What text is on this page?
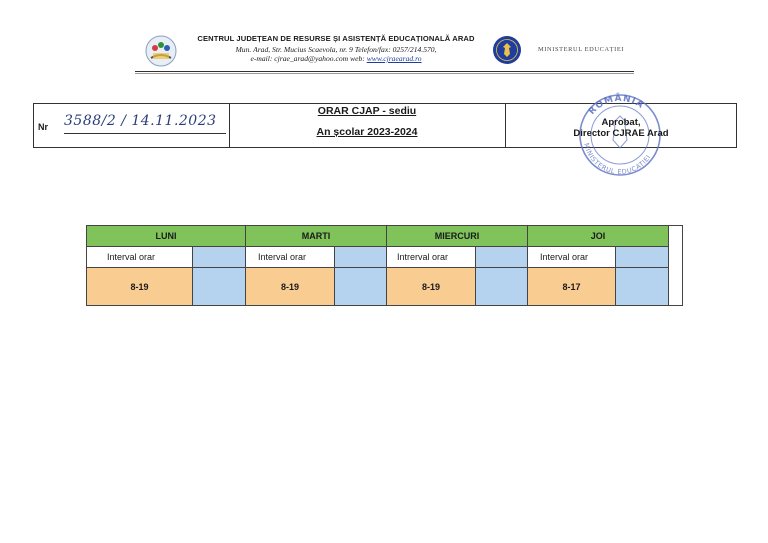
CENTRUL JUDEȚEAN DE RESURSE ȘI ASISTENȚĂ EDUCAȚIONALĂ ARAD
Mun. Arad, Str. Mucius Scaevola, nr. 9 Telefon/fax: 0257/214.570,
e-mail: cjrae_arad@yahoo.com web: www.cjraearad.ro
MINISTERUL EDUCAȚIEI
Nr 3588/2 / 14.11.2023
ORAR CJAP - sediu
An școlar 2023-2024
ROMÂNIA
MINISTERUL EDUCAȚIEI
Aprobat,
Director CJRAE Arad
LUNI	MARTI	MIERCURI	JOI
Interval orar	Interval orar	Intrerval orar	Interval orar
8-19	8-19	8-19	8-17
